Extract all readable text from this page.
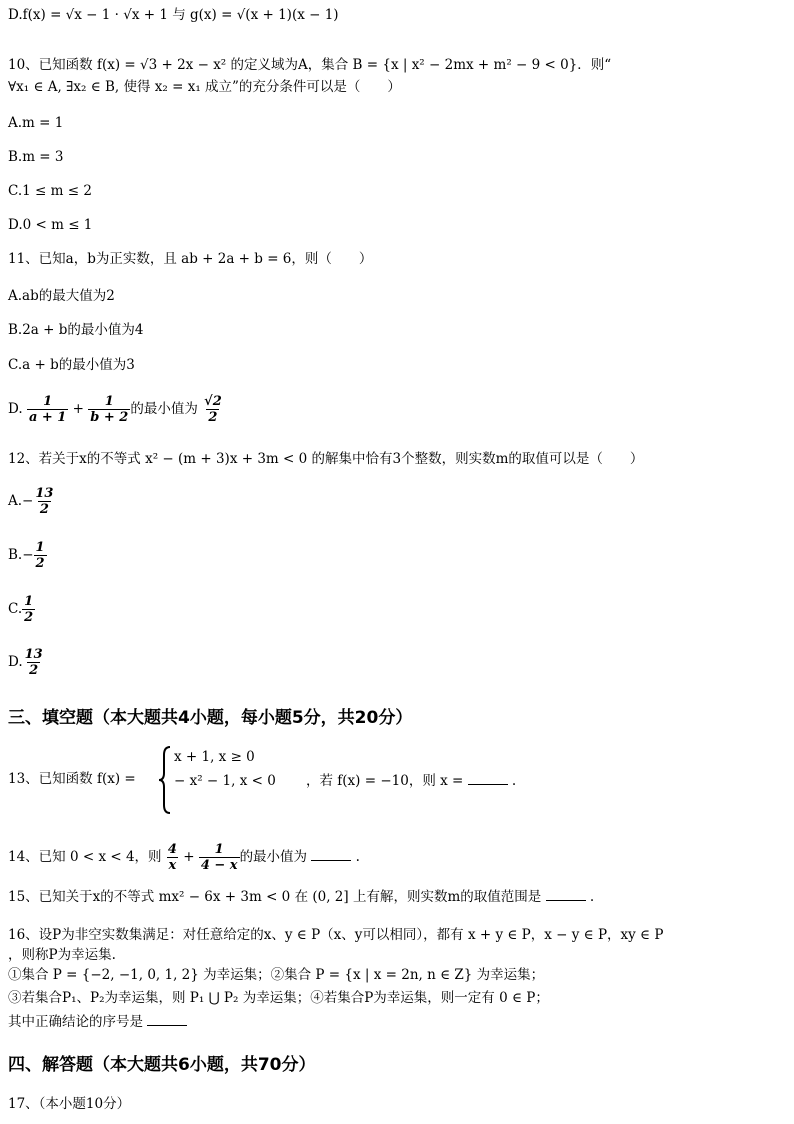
D.f(x) = √x − 1 · √x + 1 与 g(x) = √(x + 1)(x − 1)
10、已知函数 f(x) = √3 + 2x − x² 的定义域为A，集合 B = {x | x² − 2mx + m² − 9 < 0}．则“
∀x₁ ∈ A, ∃x₂ ∈ B, 使得 x₂ = x₁ 成立”的充分条件可以是（　　）
A.m = 1
B.m = 3
C.1 ≤ m ≤ 2
D.0 < m ≤ 1
11、已知a，b为正实数，且 ab + 2a + b = 6，则（　　）
A.ab的最大值为2
B.2a + b的最小值为4
C.a + b的最小值为3
D. $\frac{1}{a + 1} + \frac{1}{b + 2}$ 的最小值为 $\frac{√2}{2}$
12、若关于x的不等式 x² − (m + 3)x + 3m < 0 的解集中恰有3个整数，则实数m的取值可以是（　　）
$A.- \frac{13}{2}$
$B.- \frac{1}{2}$
C. $\frac{1}{2}$
D. $\frac{13}{2}$
三、填空题（本大题共4小题，每小题5分，共20分）
13、已知函数 f(x) =
x + 1, x ≥ 0
− x² − 1, x < 0 ，若 f(x) = −10，则 x =	.
14、已知 0 < x < 4，则 $\frac{4}{x} + \frac{1}{4 - x}$ 的最小值为	.
15、已知关于x的不等式 mx² − 6x + 3m < 0 在 (0, 2] 上有解，则实数m的取值范围是	.
16、设P为非空实数集满足：对任意给定的x、y ∈ P（x、y可以相同），都有 x + y ∈ P，x − y ∈ P，xy ∈ P
，则称P为幸运集.
①集合 P = {−2, −1, 0, 1, 2} 为幸运集；②集合 P = {x | x = 2n, n ∈ Z} 为幸运集；
③若集合P₁、P₂为幸运集，则 P₁ ⋃ P₂ 为幸运集；④若集合P为幸运集，则一定有 0 ∈ P；
其中正确结论的序号是
四、解答题（本大题共6小题，共70分）
17、（本小题10分）
